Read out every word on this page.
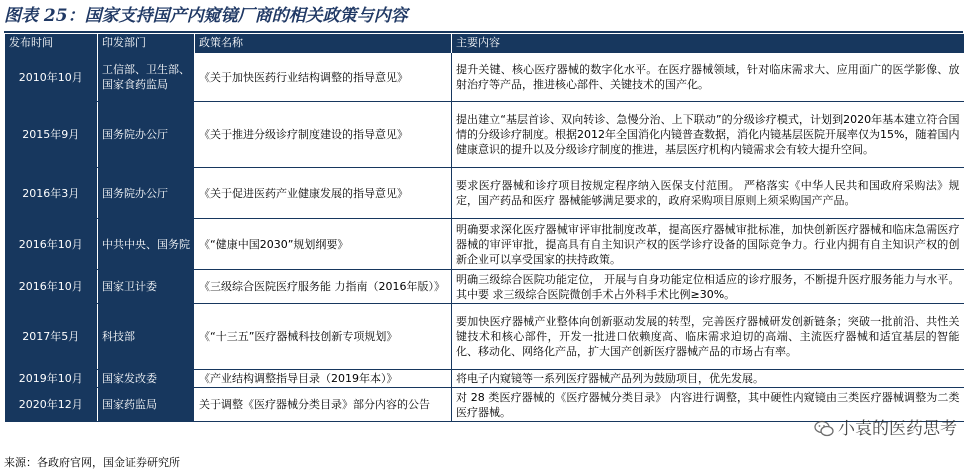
图表 25：国家支持国产内窥镜厂商的相关政策与内容
发布时间	印发部门	政策名称	主要内容
2010年10月	工信部、卫生部、国家食药监局	《关于加快医药行业结构调整的指导意见》	提升关键、核心医疗器械的数字化水平。在医疗器械领域，针对临床需求大、应用面广的医学影像、放射治疗等产品，推进核心部件、关键技术的国产化。
2015年9月	国务院办公厅	《关于推进分级诊疗制度建设的指导意见》	提出建立“基层首诊、双向转诊、急慢分治、上下联动”的分级诊疗模式，计划到2020年基本建立符合国情的分级诊疗制度。根据2012年全国消化内镜普查数据，消化内镜基层医院开展率仅为15%，随着国内健康意识的提升以及分级诊疗制度的推进，基层医疗机构内镜需求会有较大提升空间。
2016年3月	国务院办公厅	《关于促进医药产业健康发展的指导意见》	要求医疗器械和诊疗项目按规定程序纳入医保支付范围。 严格落实《中华人民共和国政府采购法》规定，国产药品和医疗 器械能够满足要求的，政府采购项目原则上须采购国产产品。
2016年10月	中共中央、国务院	《“健康中国2030”规划纲要》	明确要求深化医疗器械审评审批制度改革，提高医疗器械审批标准，加快创新医疗器械和临床急需医疗器械的审评审批，提高具有自主知识产权的医学诊疗设备的国际竞争力。行业内拥有自主知识产权的创新企业可以享受国家的扶持政策。
2016年10月	国家卫计委	《三级综合医院医疗服务能 力指南（2016年版）》	明确三级综合医院功能定位， 开展与自身功能定位相适应的诊疗服务，不断提升医疗服务能力与水平。其中要 求三级综合医院微创手术占外科手术比例≥30%。
2017年5月	科技部	《“十三五”医疗器械科技创新专项规划》	要加快医疗器械产业整体向创新驱动发展的转型，完善医疗器械研发创新链条；突破一批前沿、共性关键技术和核心部件，开发一批进口依赖度高、临床需求迫切的高端、主流医疗器械和适宜基层的智能化、移动化、网络化产品，扩大国产创新医疗器械产品的市场占有率。
2019年10月	国家发改委	《产业结构调整指导目录（2019年本）》	将电子内窥镜等一系列医疗器械产品列为鼓励项目，优先发展。
2020年12月	国家药监局	关于调整《医疗器械分类目录》部分内容的公告	对 28 类医疗器械的《医疗器械分类目录》 内容进行调整，其中硬性内窥镜由三类医疗器械调整为二类医疗器械。
小袁的医药思考
来源：各政府官网，国金证券研究所
